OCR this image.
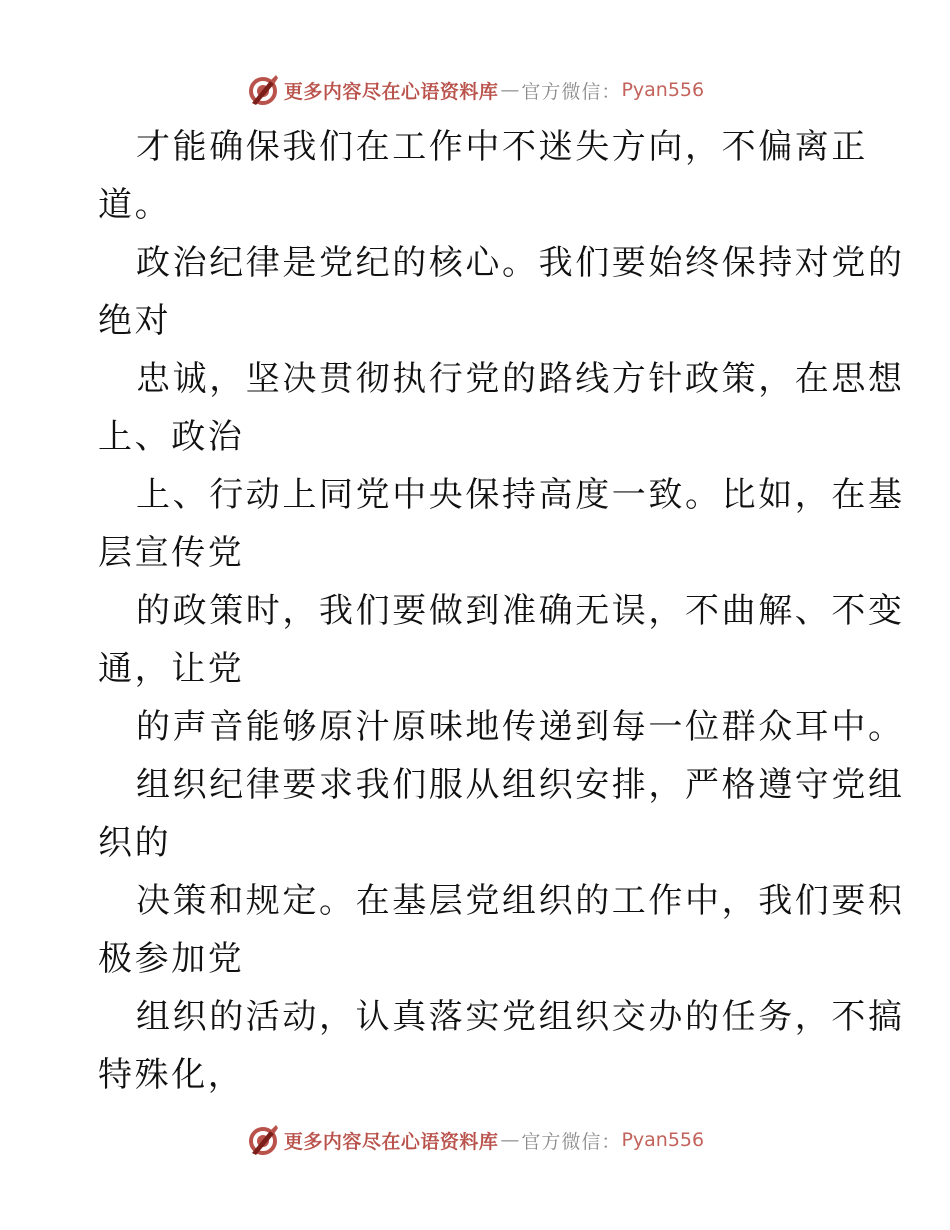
更多内容尽在心语资料库 — 官方微信： Pyan556
才能确保我们在工作中不迷失方向，不偏离正
道。
政治纪律是党纪的核心。我们要始终保持对党的
绝对
忠诚，坚决贯彻执行党的路线方针政策，在思想
上、政治
上、行动上同党中央保持高度一致。比如，在基
层宣传党
的政策时，我们要做到准确无误，不曲解、不变
通，让党
的声音能够原汁原味地传递到每一位群众耳中。
组织纪律要求我们服从组织安排，严格遵守党组
织的
决策和规定。在基层党组织的工作中，我们要积
极参加党
组织的活动，认真落实党组织交办的任务，不搞
特殊化，
更多内容尽在心语资料库 — 官方微信： Pyan556
